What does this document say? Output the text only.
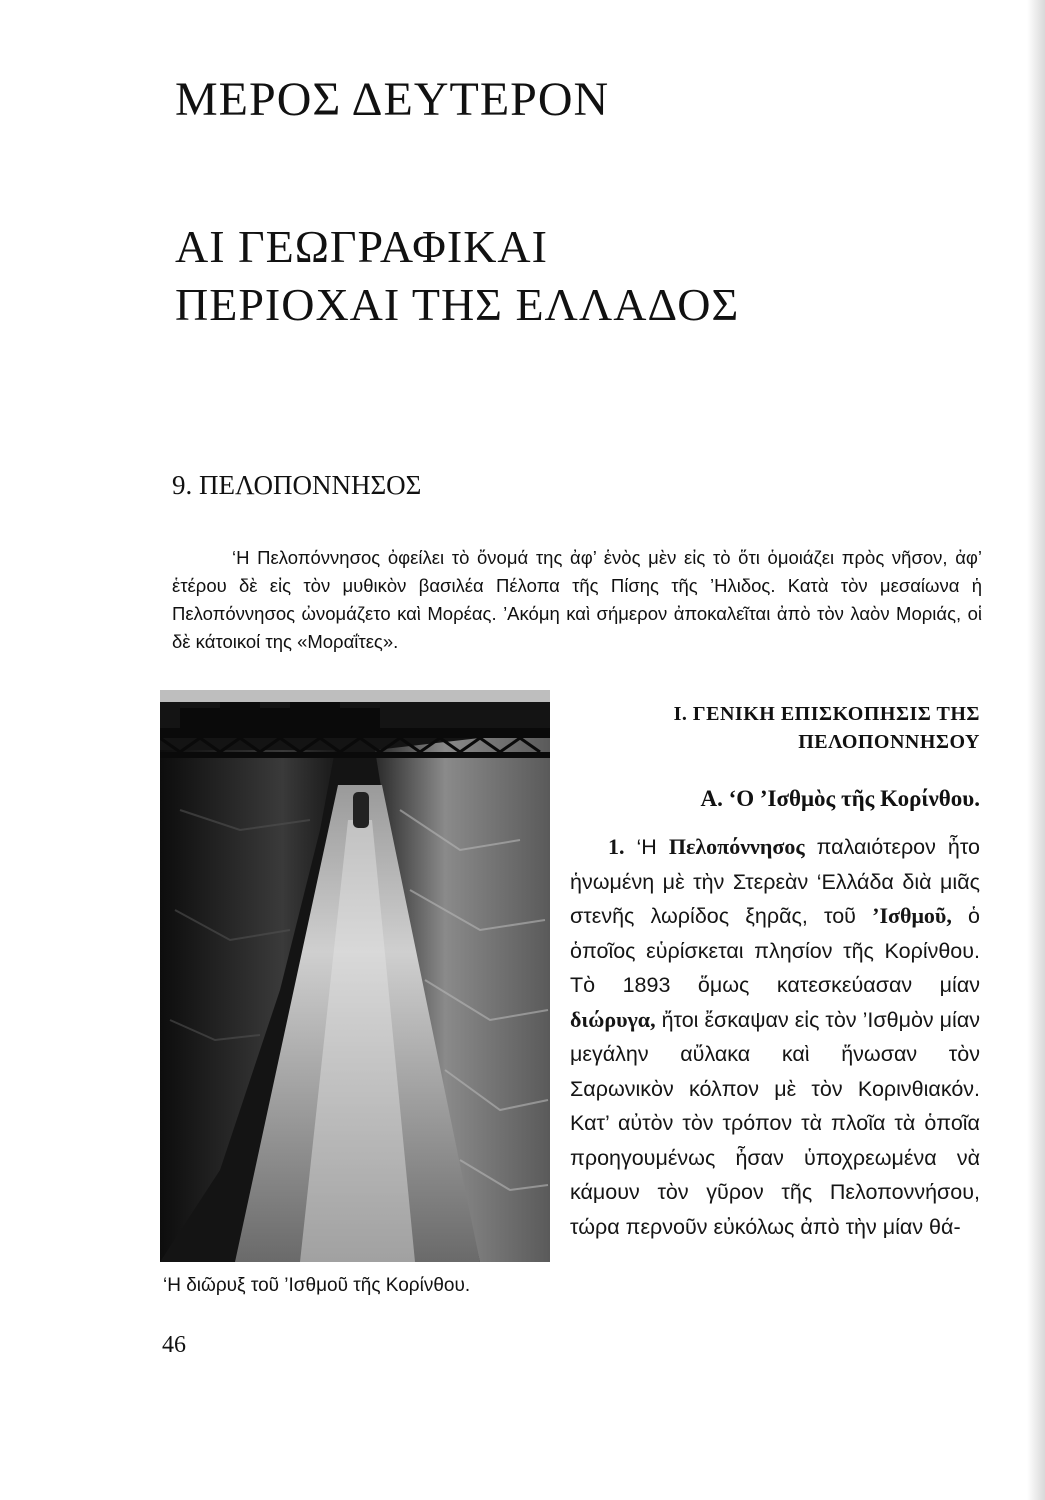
ΜΕΡΟΣ ΔΕΥΤΕΡΟΝ
ΑΙ ΓΕΩΓΡΑΦΙΚΑΙ
ΠΕΡΙΟΧΑΙ ΤΗΣ ΕΛΛΑΔΟΣ
9. ΠΕΛΟΠΟΝΝΗΣΟΣ

‘Η Πελοπόννησος ὀφείλει τὸ ὄνομά της ἀφ’ ἑνὸς μὲν εἰς τὸ ὅτι ὁμοιάζει πρὸς νῆσον, ἀφ’ ἑτέρου δὲ εἰς τὸν μυθικὸν βασιλέα Πέλοπα τῆς Πίσης τῆς ’Ηλιδος. Κατὰ τὸν μεσαίωνα ἡ Πελοπόννησος ὠνομάζετο καὶ Μορέας. ’Ακόμη καὶ σήμερον ἀποκαλεῖται ἀπὸ τὸν λαὸν Μοριάς, οἱ δὲ κάτοικοί της «Μοραΐτες».

‘Η διῶρυξ τοῦ ’Ισθμοῦ τῆς Κορίνθου.

Ι. ΓΕΝΙΚΗ ΕΠΙΣΚΟΠΗΣΙΣ ΤΗΣ
ΠΕΛΟΠΟΝΝΗΣΟΥ
Α. ‘Ο ’Ισθμὸς τῆς Κορίνθου.

1. ‘Η Πελοπόννησος παλαιότερον ἦτο ἡνωμένη μὲ τὴν Στερεὰν ‘Ελλάδα διὰ μιᾶς στενῆς λωρίδος ξηρᾶς, τοῦ ’Ισθμοῦ, ὁ ὁποῖος εὑρίσκεται πλησίον τῆς Κορίνθου. Τὸ 1893 ὅμως κατεσκεύασαν μίαν διώρυγα, ἤτοι ἔσκαψαν εἰς τὸν ’Ισθμὸν μίαν μεγάλην αὔλακα καὶ ἥνωσαν τὸν Σαρωνικὸν κόλπον μὲ τὸν Κορινθιακόν. Κατ’ αὐτὸν τὸν τρόπον τὰ πλοῖα τὰ ὁποῖα προηγουμένως ἦσαν ὑποχρεωμένα νὰ κάμουν τὸν γῦρον τῆς Πελοποννήσου, τώρα περνοῦν εὐκόλως ἀπὸ τὴν μίαν θά-

46
